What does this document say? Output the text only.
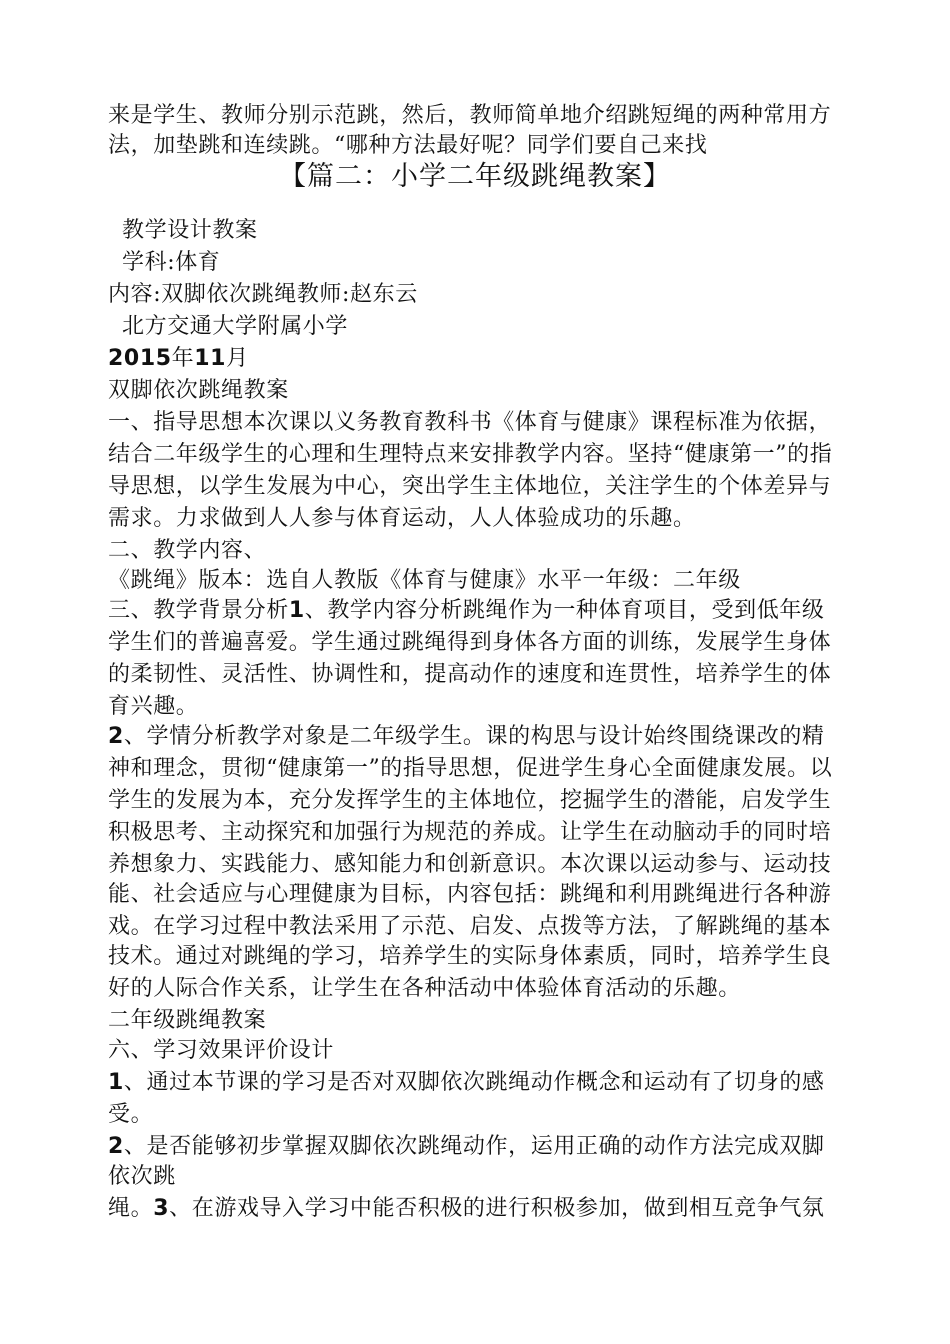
来是学生、教师分别示范跳，然后，教师简单地介绍跳短绳的两种常用方
法，加垫跳和连续跳。“哪种方法最好呢？同学们要自己来找
【篇二：小学二年级跳绳教案】
教学设计教案
学科:体育
内容:双脚依次跳绳教师:赵东云
北方交通大学附属小学
2015年11月
双脚依次跳绳教案
一、指导思想本次课以义务教育教科书《体育与健康》课程标准为依据，
结合二年级学生的心理和生理特点来安排教学内容。坚持“健康第一”的指
导思想，以学生发展为中心，突出学生主体地位，关注学生的个体差异与
需求。力求做到人人参与体育运动，人人体验成功的乐趣。
二、教学内容、
《跳绳》版本：选自人教版《体育与健康》水平一年级：二年级
三、教学背景分析1、教学内容分析跳绳作为一种体育项目，受到低年级
学生们的普遍喜爱。学生通过跳绳得到身体各方面的训练，发展学生身体
的柔韧性、灵活性、协调性和，提高动作的速度和连贯性，培养学生的体
育兴趣。
2、学情分析教学对象是二年级学生。课的构思与设计始终围绕课改的精
神和理念，贯彻“健康第一”的指导思想，促进学生身心全面健康发展。以
学生的发展为本，充分发挥学生的主体地位，挖掘学生的潜能，启发学生
积极思考、主动探究和加强行为规范的养成。让学生在动脑动手的同时培
养想象力、实践能力、感知能力和创新意识。本次课以运动参与、运动技
能、社会适应与心理健康为目标，内容包括：跳绳和利用跳绳进行各种游
戏。在学习过程中教法采用了示范、启发、点拨等方法，了解跳绳的基本
技术。通过对跳绳的学习，培养学生的实际身体素质，同时，培养学生良
好的人际合作关系，让学生在各种活动中体验体育活动的乐趣。
二年级跳绳教案
六、学习效果评价设计
1、通过本节课的学习是否对双脚依次跳绳动作概念和运动有了切身的感
受。
2、是否能够初步掌握双脚依次跳绳动作，运用正确的动作方法完成双脚
依次跳
绳。3、在游戏导入学习中能否积极的进行积极参加，做到相互竞争气氛
